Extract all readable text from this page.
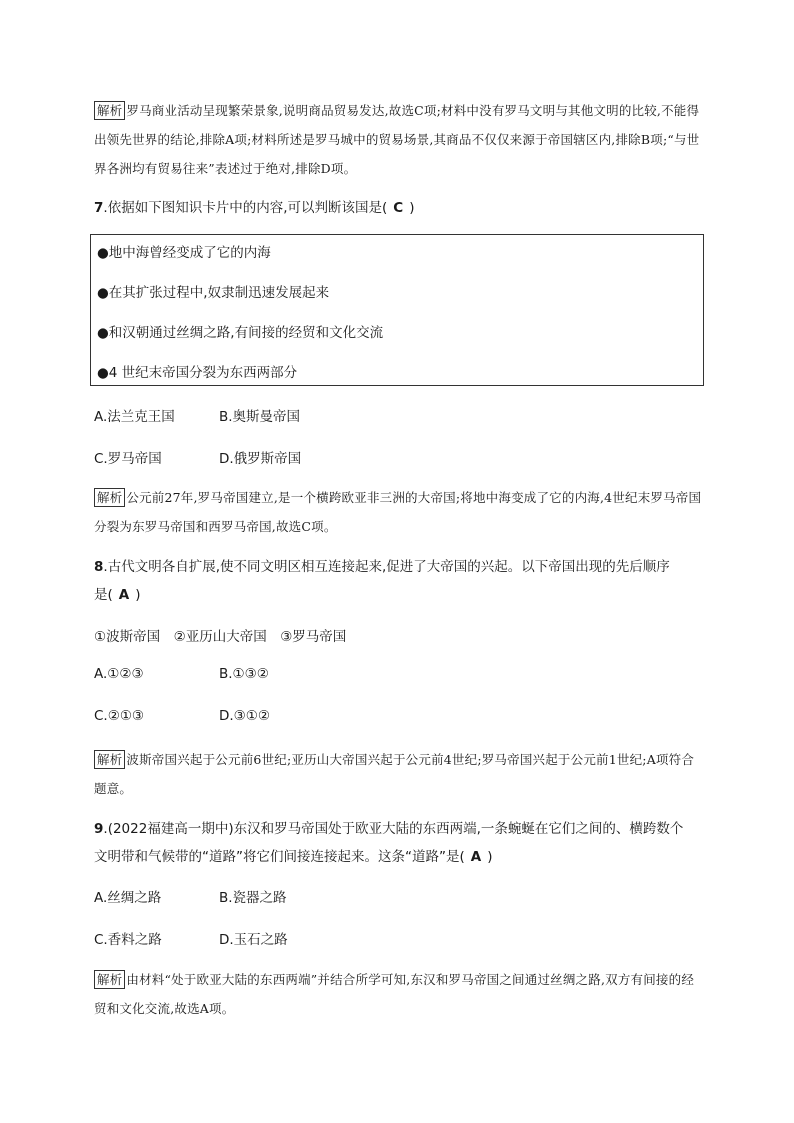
解析 罗马商业活动呈现繁荣景象,说明商品贸易发达,故选C项;材料中没有罗马文明与其他文明的比较,不能得出领先世界的结论,排除A项;材料所述是罗马城中的贸易场景,其商品不仅仅来源于帝国辖区内,排除B项;“与世界各洲均有贸易往来”表述过于绝对,排除D项。
7.依据如下图知识卡片中的内容,可以判断该国是( C )
●地中海曾经变成了它的内海
●在其扩张过程中,奴隶制迅速发展起来
●和汉朝通过丝绸之路,有间接的经贸和文化交流
●4 世纪末帝国分裂为东西两部分
A.法兰克王国	B.奥斯曼帝国
C.罗马帝国	D.俄罗斯帝国
解析 公元前27年,罗马帝国建立,是一个横跨欧亚非三洲的大帝国;将地中海变成了它的内海,4世纪末罗马帝国分裂为东罗马帝国和西罗马帝国,故选C项。
8.古代文明各自扩展,使不同文明区相互连接起来,促进了大帝国的兴起。以下帝国出现的先后顺序
是( A )
①波斯帝国　②亚历山大帝国　③罗马帝国
A.①②③	B.①③②
C.②①③	D.③①②
解析 波斯帝国兴起于公元前6世纪;亚历山大帝国兴起于公元前4世纪;罗马帝国兴起于公元前1世纪;A项符合题意。
9.(2022福建高一期中)东汉和罗马帝国处于欧亚大陆的东西两端,一条蜿蜒在它们之间的、横跨数个
文明带和气候带的“道路”将它们间接连接起来。这条“道路”是( A )
A.丝绸之路	B.瓷器之路
C.香料之路	D.玉石之路
解析 由材料“处于欧亚大陆的东西两端”并结合所学可知,东汉和罗马帝国之间通过丝绸之路,双方有间接的经贸和文化交流,故选A项。
